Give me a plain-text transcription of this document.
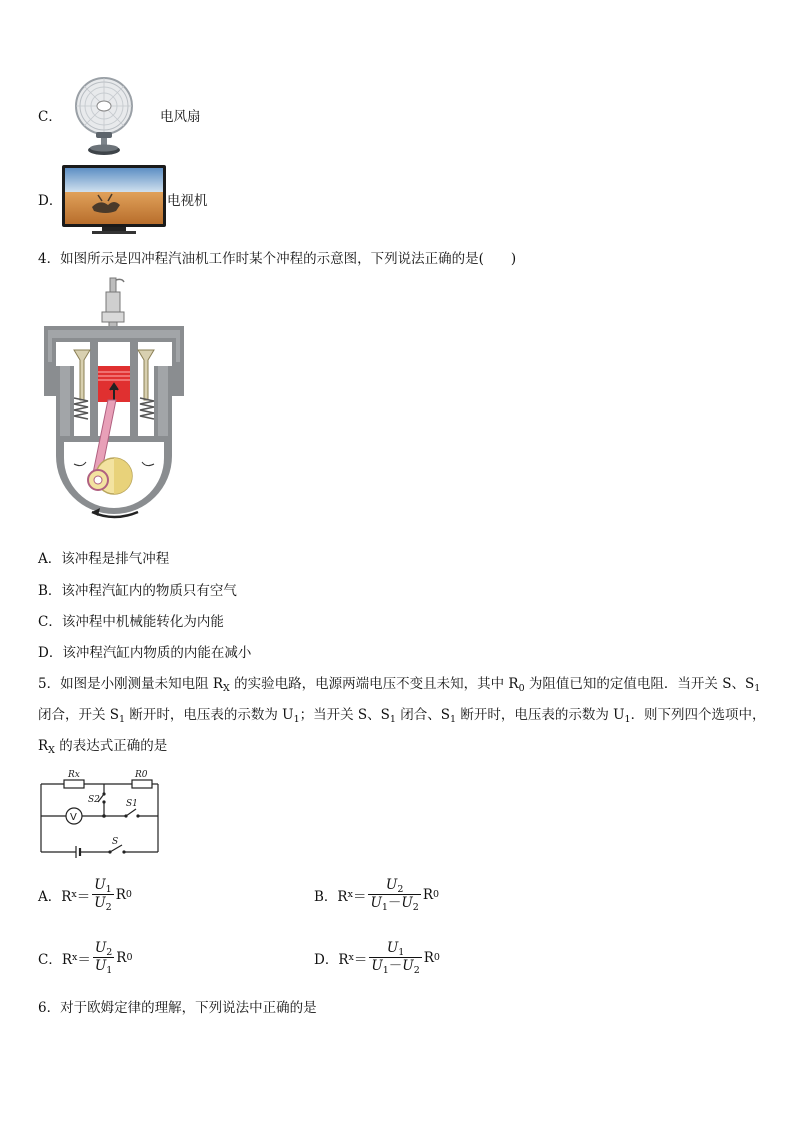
C．	电风扇
D．	电视机
4．如图所示是四冲程汽油机工作时某个冲程的示意图，下列说法正确的是(　　)
A．该冲程是排气冲程
B．该冲程汽缸内的物质只有空气
C．该冲程中机械能转化为内能
D．该冲程汽缸内物质的内能在减小
5．如图是小刚测量未知电阻 $R_X$ 的实验电路，电源两端电压不变且未知，其中 $R_0$ 为阻值已知的定值电阻．当开关 S、$S_1$
闭合，开关 $S_1$ 断开时，电压表的示数为 $U_1$；当开关 S、$S_1$ 闭合、$S_1$ 断开时，电压表的示数为 $U_1$．则下列四个选项中，
$R_X$ 的表达式正确的是
Rx	R0
S2	S1
S
V
A．R $x = \frac{U_1}{U_2}$ R 0	B．R $x = \frac{U_2}{U_1-U_2}$ R 0
C．R $x = \frac{U_2}{U_1}$ R 0	D．R $x = \frac{U_1}{U_1-U_2}$ R 0
6．对于欧姆定律的理解，下列说法中正确的是
